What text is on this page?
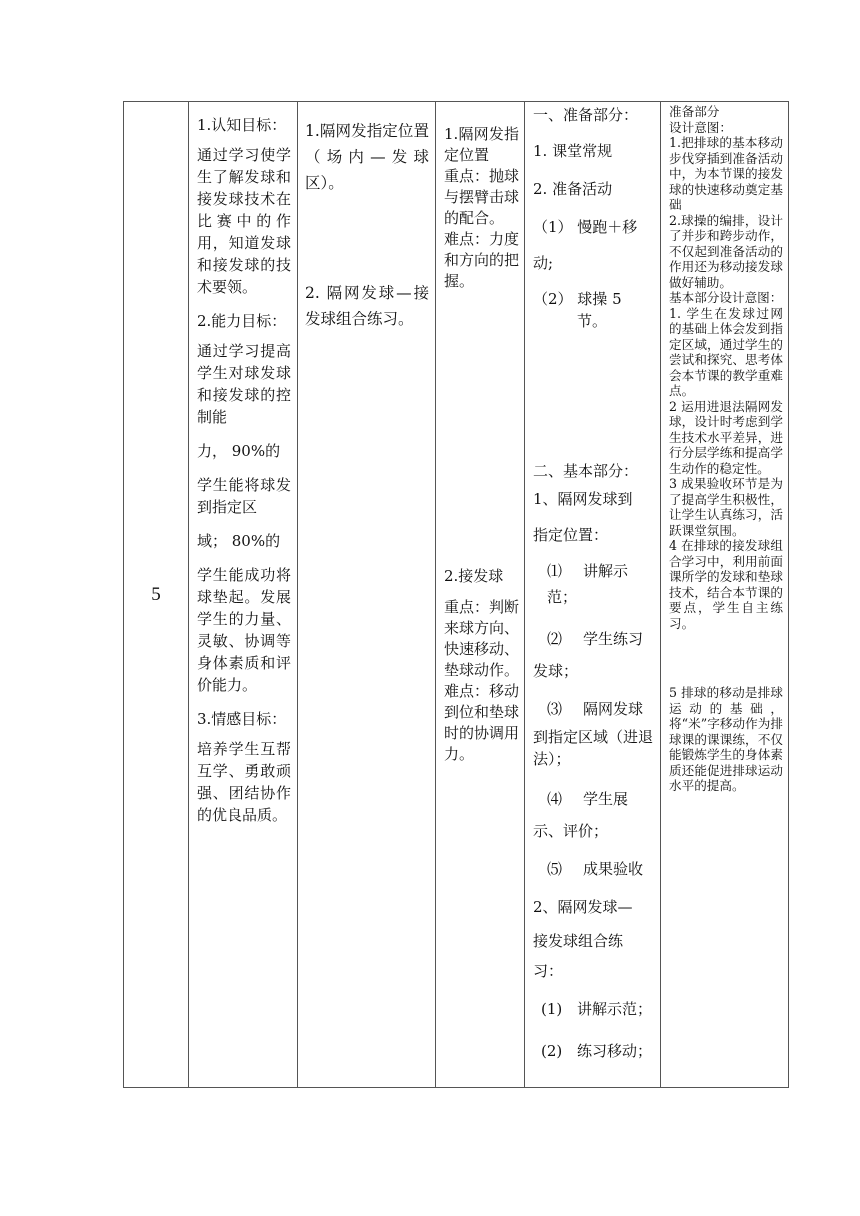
5

1.认知目标：

通过学习使学生了解发球和接发球技术在比赛中的作用，知道发球和接发球的技术要领。

2.能力目标：

通过学习提高学生对球发球和接发球的控制能

力， 90%的

学生能将球发到指定区

域； 80%的

学生能成功将球垫起。发展学生的力量、灵敏、协调等身体素质和评价能力。

3.情感目标：

培养学生互帮互学、勇敢顽强、团结协作的优良品质。

1.隔网发指定位置（场内—发球区）。

2. 隔网发球—接发球组合练习。

1.隔网发指定位置

重点：抛球与摆臂击球的配合。

难点：力度和方向的把握。

2.接发球

重点：判断来球方向、快速移动、垫球动作。

难点：移动到位和垫球时的协调用力。

一、准备部分：

1. 课堂常规

2. 准备活动

（1） 慢跑＋移

动;

（2） 球操 5

节。

二、基本部分：

1、隔网发球到

指定位置：

⑴ 讲解示范；

⑵ 学生练习

发球；

⑶ 隔网发球

到指定区域（进退法）；

⑷ 学生展

示、评价；

⑸ 成果验收

2、隔网发球—

接发球组合练

习：

(1) 讲解示范；

(2) 练习移动；

准备部分

设计意图：

1.把排球的基本移动步伐穿插到准备活动中，为本节课的接发球的快速移动奠定基础

2.球操的编排，设计了并步和跨步动作，不仅起到准备活动的作用还为移动接发球做好辅助。

基本部分设计意图：

1. 学生在发球过网的基础上体会发到指定区域，通过学生的尝试和探究、思考体会本节课的教学重难点。

2 运用进退法隔网发球，设计时考虑到学生技术水平差异，进行分层学练和提高学生动作的稳定性。

3 成果验收环节是为了提高学生积极性，让学生认真练习，活跃课堂氛围。

4 在排球的接发球组合学习中，利用前面课所学的发球和垫球技术，结合本节课的要点，学生自主练习。

5 排球的移动是排球运动的基础，将“米”字移动作为排球课的课课练，不仅能锻炼学生的身体素质还能促进排球运动水平的提高。
